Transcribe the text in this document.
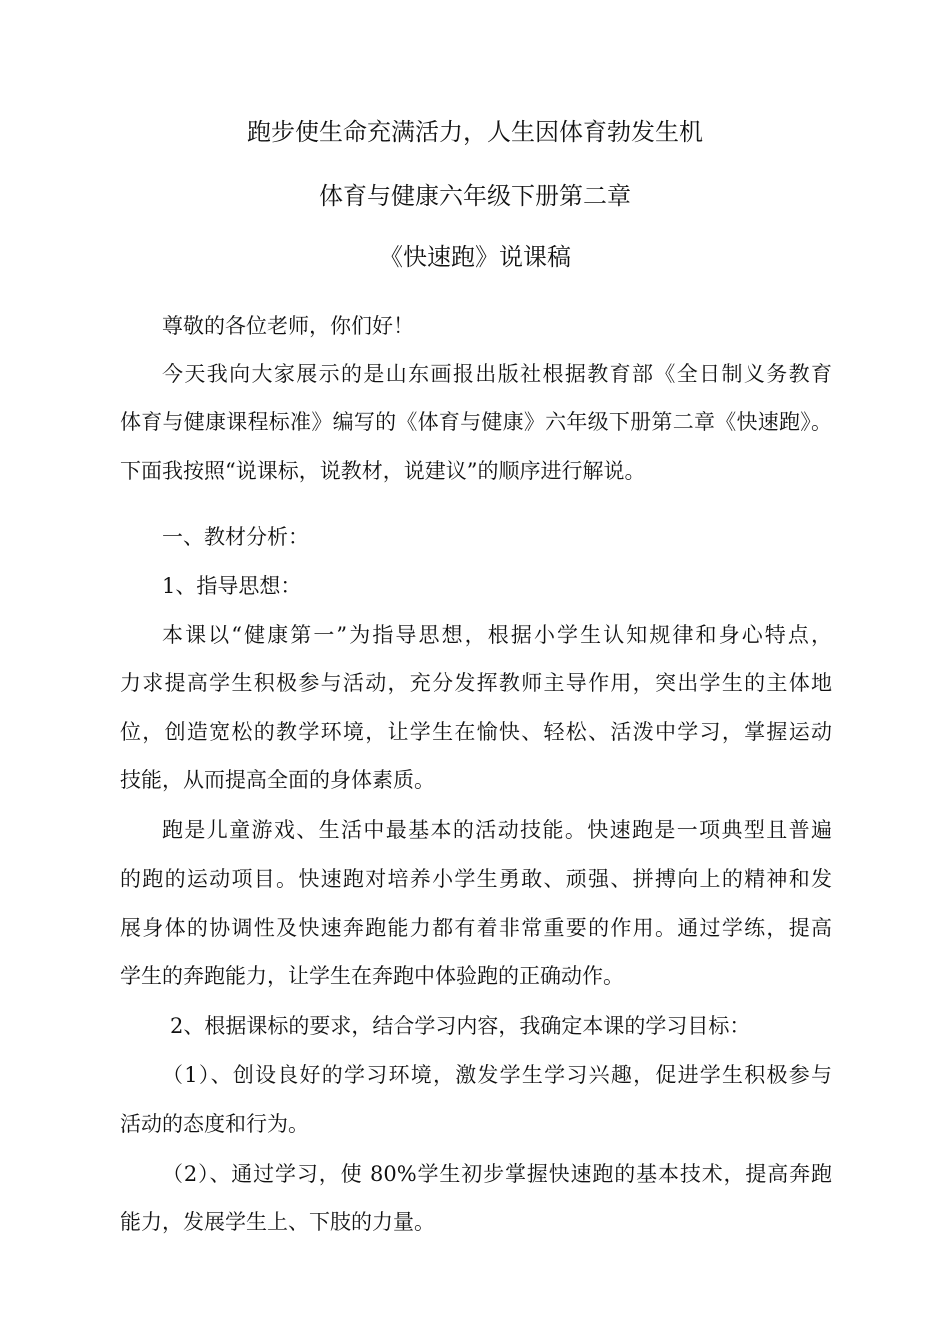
跑步使生命充满活力，人生因体育勃发生机
体育与健康六年级下册第二章
《快速跑》说课稿

尊敬的各位老师，你们好！

今天我向大家展示的是山东画报出版社根据教育部《全日制义务教育

体育与健康课程标准》编写的《体育与健康》六年级下册第二章《快速跑》。

下面我按照“说课标，说教材，说建议”的顺序进行解说。

一、教材分析：

1、指导思想：

本课以“健康第一”为指导思想，根据小学生认知规律和身心特点，

力求提高学生积极参与活动，充分发挥教师主导作用，突出学生的主体地

位，创造宽松的教学环境，让学生在愉快、轻松、活泼中学习，掌握运动

技能，从而提高全面的身体素质。

跑是儿童游戏、生活中最基本的活动技能。快速跑是一项典型且普遍

的跑的运动项目。快速跑对培养小学生勇敢、顽强、拼搏向上的精神和发

展身体的协调性及快速奔跑能力都有着非常重要的作用。通过学练，提高

学生的奔跑能力，让学生在奔跑中体验跑的正确动作。

2、根据课标的要求，结合学习内容，我确定本课的学习目标：

（1）、创设良好的学习环境，激发学生学习兴趣，促进学生积极参与

活动的态度和行为。

（2）、通过学习，使 80%学生初步掌握快速跑的基本技术，提高奔跑

能力，发展学生上、下肢的力量。
